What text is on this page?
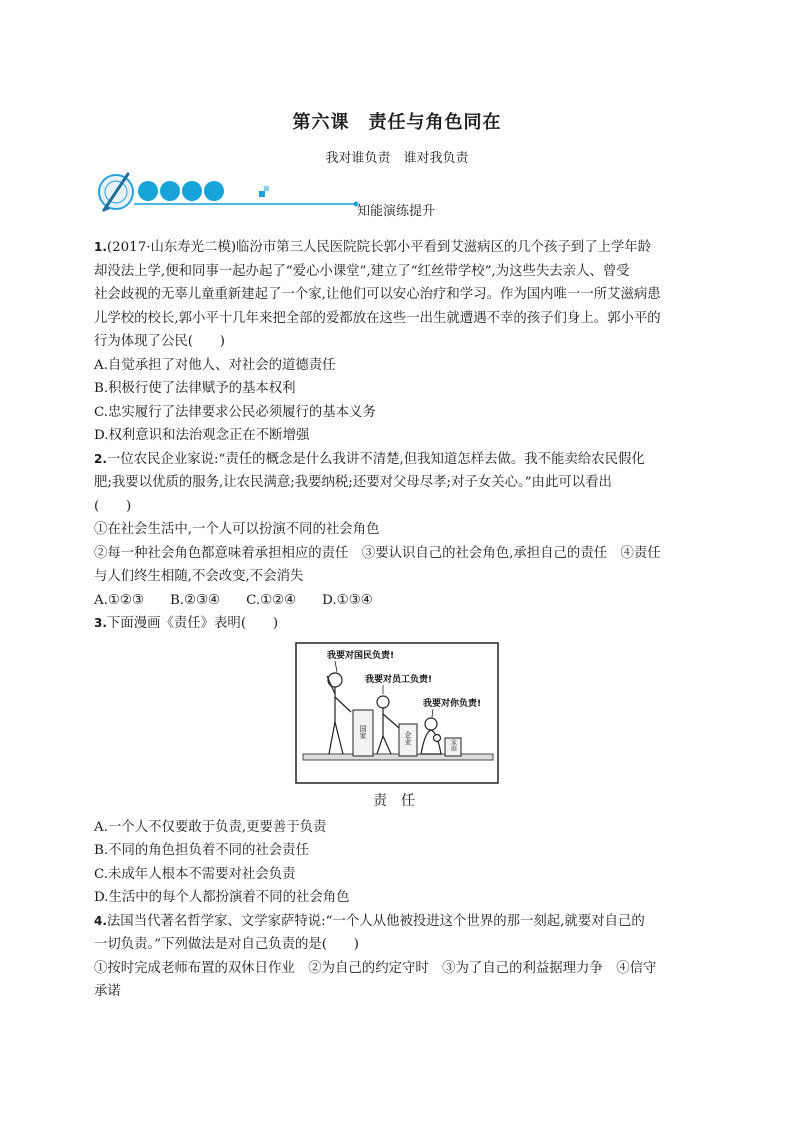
第六课　责任与角色同在
我对谁负责　谁对我负责
知能演练提升

1.(2017·山东寿光二模)临汾市第三人民医院院长郭小平看到艾滋病区的几个孩子到了上学年龄

却没法上学,便和同事一起办起了“爱心小课堂”,建立了“红丝带学校”,为这些失去亲人、曾受

社会歧视的无辜儿童重新建起了一个家,让他们可以安心治疗和学习。作为国内唯一一所艾滋病患

儿学校的校长,郭小平十几年来把全部的爱都放在这些一出生就遭遇不幸的孩子们身上。郭小平的

行为体现了公民(　　)

A.自觉承担了对他人、对社会的道德责任

B.积极行使了法律赋予的基本权利

C.忠实履行了法律要求公民必须履行的基本义务

D.权利意识和法治观念正在不断增强

2.一位农民企业家说:“责任的概念是什么我讲不清楚,但我知道怎样去做。我不能卖给农民假化

肥;我要以优质的服务,让农民满意;我要纳税;还要对父母尽孝;对子女关心。”由此可以看出

(　　)

①在社会生活中,一个人可以扮演不同的社会角色

②每一种社会角色都意味着承担相应的责任　③要认识自己的社会角色,承担自己的责任　④责任

与人们终生相随,不会改变,不会消失

A.①②③ B.②③④ C.①②④ D.①③④

3.下面漫画《责任》表明(　　)

我要对国民负责!
我要对员工负责!
我要对你负责!
国家	企业	家庭
责　任

A.一个人不仅要敢于负责,更要善于负责

B.不同的角色担负着不同的社会责任

C.未成年人根本不需要对社会负责

D.生活中的每个人都扮演着不同的社会角色

4.法国当代著名哲学家、文学家萨特说:“一个人从他被投进这个世界的那一刻起,就要对自己的

一切负责。”下列做法是对自己负责的是(　　)

①按时完成老师布置的双休日作业　②为自己的约定守时　③为了自己的利益据理力争　④信守

承诺
